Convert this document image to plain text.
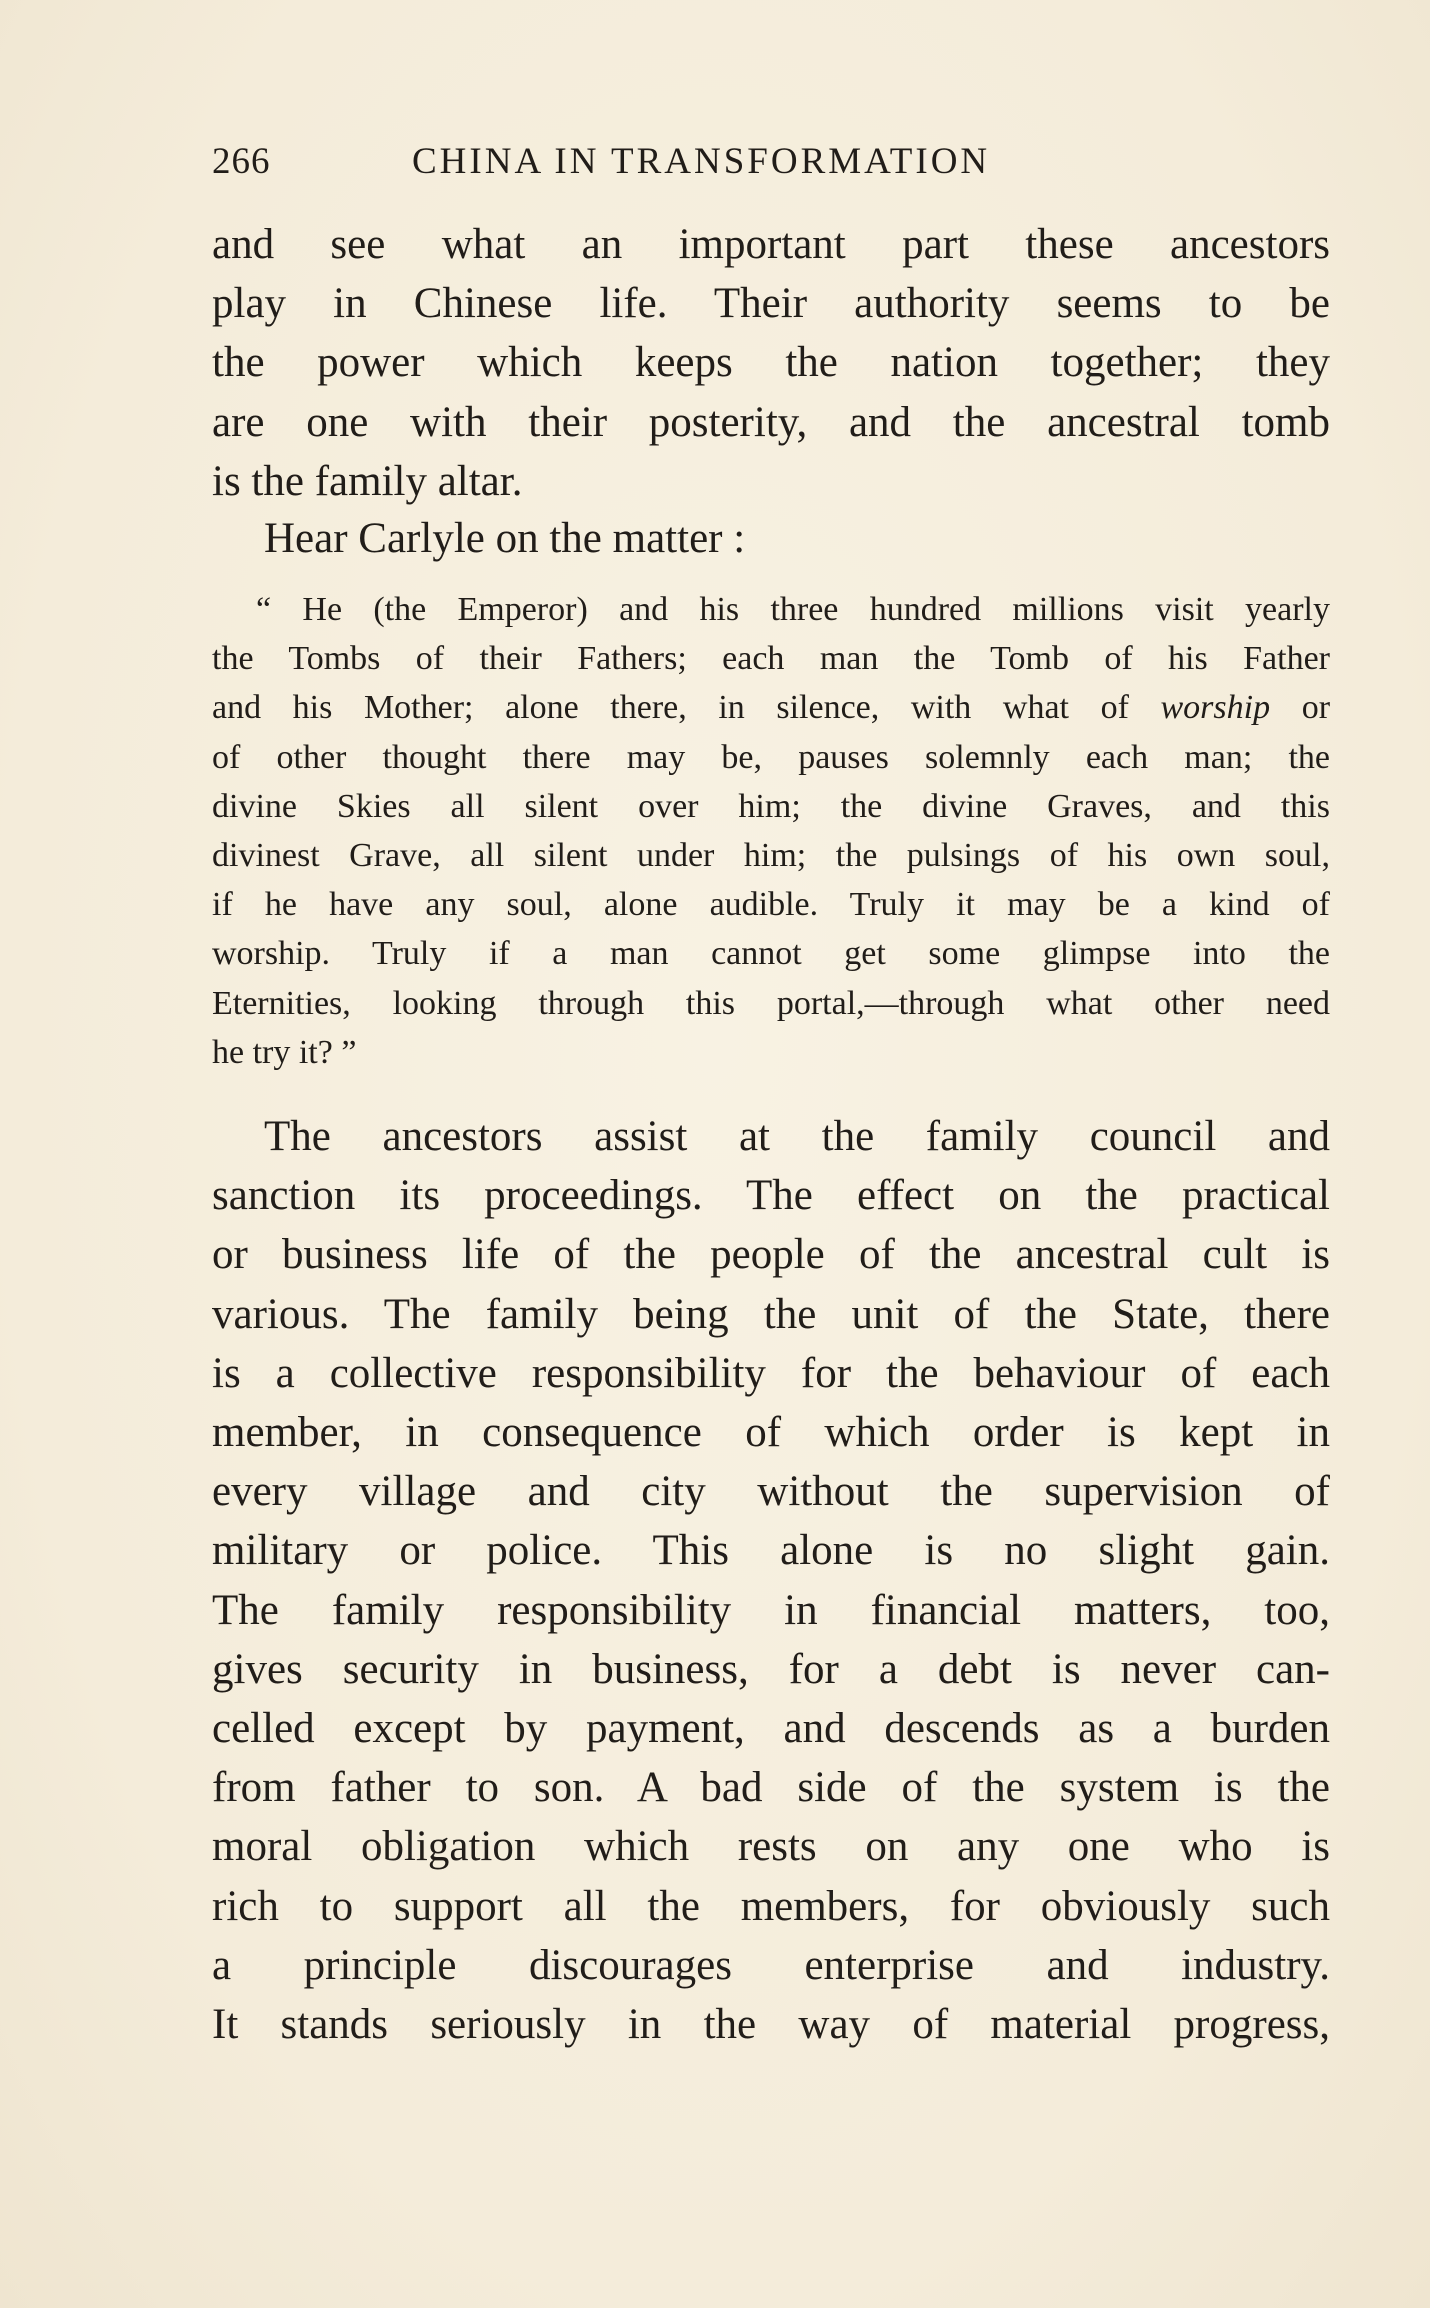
266	CHINA IN TRANSFORMATION
and see what an important part these ancestors
play in Chinese life. Their authority seems to be
the power which keeps the nation together; they
are one with their posterity, and the ancestral tomb
is the family altar.
Hear Carlyle on the matter :
“ He (the Emperor) and his three hundred millions visit yearly
the Tombs of their Fathers; each man the Tomb of his Father
and his Mother; alone there, in silence, with what of worship or
of other thought there may be, pauses solemnly each man; the
divine Skies all silent over him; the divine Graves, and this
divinest Grave, all silent under him; the pulsings of his own soul,
if he have any soul, alone audible. Truly it may be a kind of
worship. Truly if a man cannot get some glimpse into the
Eternities, looking through this portal,—through what other need
he try it? ”
The ancestors assist at the family council and
sanction its proceedings. The effect on the practical
or business life of the people of the ancestral cult is
various. The family being the unit of the State, there
is a collective responsibility for the behaviour of each
member, in consequence of which order is kept in
every village and city without the supervision of
military or police. This alone is no slight gain.
The family responsibility in financial matters, too,
gives security in business, for a debt is never can-
celled except by payment, and descends as a burden
from father to son. A bad side of the system is the
moral obligation which rests on any one who is
rich to support all the members, for obviously such
a principle discourages enterprise and industry.
It stands seriously in the way of material progress,
